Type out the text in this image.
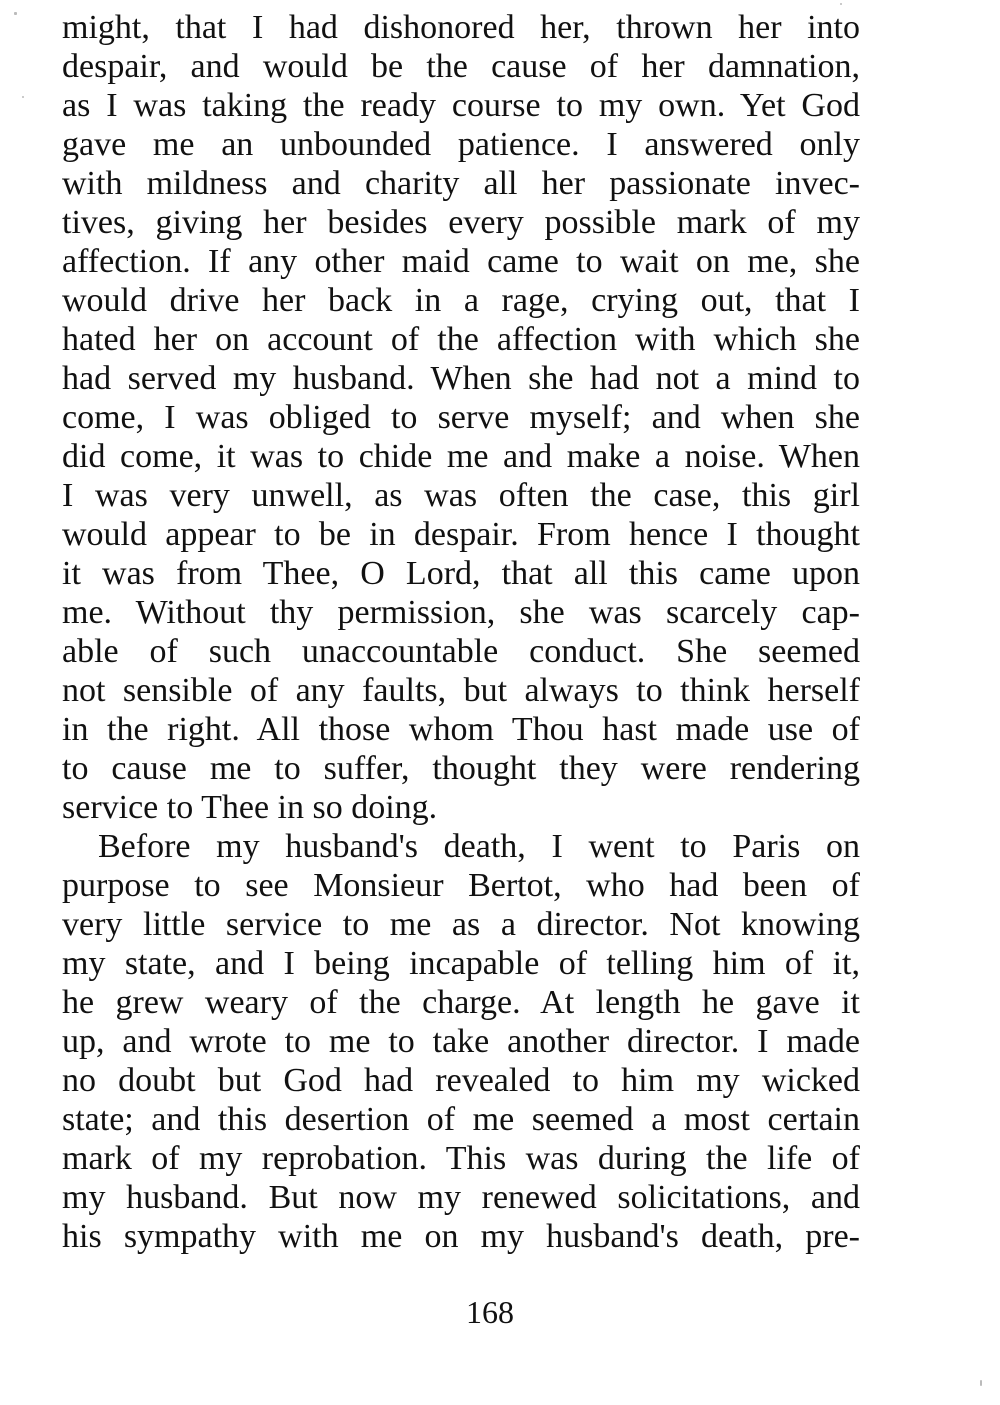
might, that I had dishonored her, thrown her into
despair, and would be the cause of her damnation,
as I was taking the ready course to my own. Yet God
gave me an unbounded patience. I answered only
with mildness and charity all her passionate invec-
tives, giving her besides every possible mark of my
affection. If any other maid came to wait on me, she
would drive her back in a rage, crying out, that I
hated her on account of the affection with which she
had served my husband. When she had not a mind to
come, I was obliged to serve myself; and when she
did come, it was to chide me and make a noise. When
I was very unwell, as was often the case, this girl
would appear to be in despair. From hence I thought
it was from Thee, O Lord, that all this came upon
me. Without thy permission, she was scarcely cap-
able of such unaccountable conduct. She seemed
not sensible of any faults, but always to think herself
in the right. All those whom Thou hast made use of
to cause me to suffer, thought they were rendering
service to Thee in so doing.
Before my husband's death, I went to Paris on
purpose to see Monsieur Bertot, who had been of
very little service to me as a director. Not knowing
my state, and I being incapable of telling him of it,
he grew weary of the charge. At length he gave it
up, and wrote to me to take another director. I made
no doubt but God had revealed to him my wicked
state; and this desertion of me seemed a most certain
mark of my reprobation. This was during the life of
my husband. But now my renewed solicitations, and
his sympathy with me on my husband's death, pre-
168
